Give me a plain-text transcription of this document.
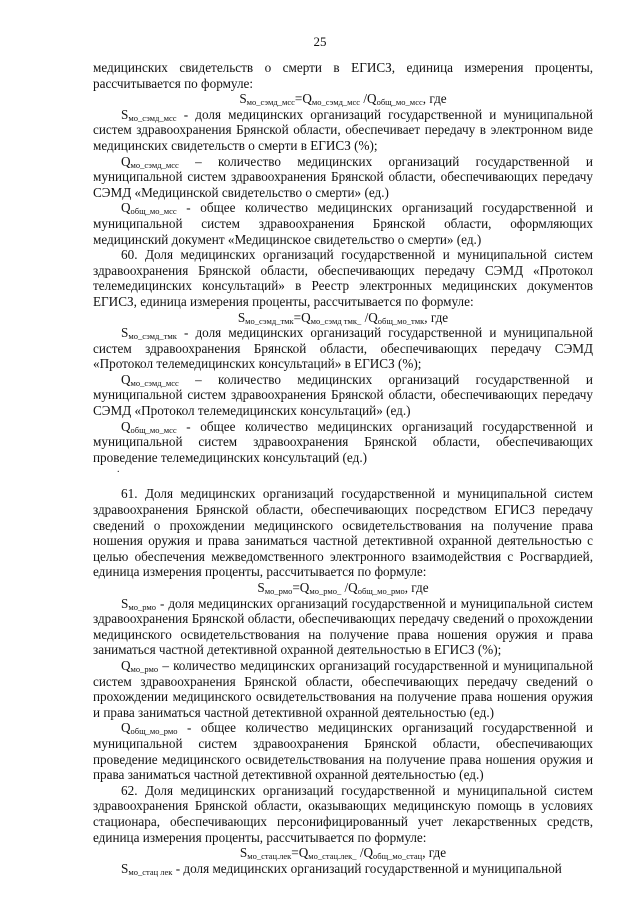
25

медицинских свидетельств о смерти в ЕГИСЗ, единица измерения проценты, рассчитывается по формуле:

$S_{мо\_сэмд\_мсс}=Q_{мо\_сэмд\_мсс}$ $/Q_{общ\_мо\_мсс}$, где

$S_{мо\_сэмд\_мсс}$ - доля медицинских организаций государственной и муниципальной систем здравоохранения Брянской области, обеспечивает передачу в электронном виде медицинских свидетельств о смерти в ЕГИСЗ (%);

$Q_{мо\_сэмд\_мсс}$ – количество медицинских организаций государственной и муниципальной систем здравоохранения Брянской области, обеспечивающих передачу СЭМД «Медицинской свидетельство о смерти» (ед.)

$Q_{общ\_мо\_мсс}$ - общее количество медицинских организаций государственной и муниципальной систем здравоохранения Брянской области, оформляющих медицинский документ «Медицинское свидетельство о смерти» (ед.)

60. Доля медицинских организаций государственной и муниципальной систем здравоохранения Брянской области, обеспечивающих передачу СЭМД «Протокол телемедицинских консультаций» в Реестр электронных медицинских документов ЕГИСЗ, единица измерения проценты, рассчитывается по формуле:

$S_{мо\_сэмд\_тмк}=Q_{мо\_сэмд тмк\_}$ $/Q_{общ\_мо\_тмк}$, где

$S_{мо\_сэмд\_тмк}$ - доля медицинских организаций государственной и муниципальной систем здравоохранения Брянской области, обеспечивающих передачу СЭМД «Протокол телемедицинских консультаций» в ЕГИСЗ (%);

$Q_{мо\_сэмд\_мсс}$ – количество медицинских организаций государственной и муниципальной систем здравоохранения Брянской области, обеспечивающих передачу СЭМД «Протокол телемедицинских консультаций» (ед.)

$Q_{общ\_мо\_мсс}$ - общее количество медицинских организаций государственной и муниципальной систем здравоохранения Брянской области, обеспечивающих проведение телемедицинских консультаций (ед.)

.

61. Доля медицинских организаций государственной и муниципальной систем здравоохранения Брянской области, обеспечивающих посредством ЕГИСЗ передачу сведений о прохождении медицинского освидетельствования на получение права ношения оружия и права заниматься частной детективной охранной деятельностью с целью обеспечения межведомственного электронного взаимодействия с Росгвардией, единица измерения проценты, рассчитывается по формуле:

$S_{мо\_рмо}=Q_{мо\_рмо\_}$ $/Q_{общ\_мо\_рмо}$, где

$S_{мо\_рмо}$ - доля медицинских организаций государственной и муниципальной систем здравоохранения Брянской области, обеспечивающих передачу сведений о прохождении медицинского освидетельствования на получение права ношения оружия и права заниматься частной детективной охранной деятельностью в ЕГИСЗ (%);

$Q_{мо\_рмо}$ – количество медицинских организаций государственной и муниципальной систем здравоохранения Брянской области, обеспечивающих передачу сведений о прохождении медицинского освидетельствования на получение права ношения оружия и права заниматься частной детективной охранной деятельностью (ед.)

$Q_{общ\_мо\_рмо}$ - общее количество медицинских организаций государственной и муниципальной систем здравоохранения Брянской области, обеспечивающих проведение медицинского освидетельствования на получение права ношения оружия и права заниматься частной детективной охранной деятельностью (ед.)

62. Доля медицинских организаций государственной и муниципальной систем здравоохранения Брянской области, оказывающих медицинскую помощь в условиях стационара, обеспечивающих персонифицированный учет лекарственных средств, единица измерения проценты, рассчитывается по формуле:

$S_{мо\_стац.лек}=Q_{мо\_стац.лек\_}$ $/Q_{общ\_мо\_стац}$, где

$S_{мо\_стац лек}$ - доля медицинских организаций государственной и муниципальной
